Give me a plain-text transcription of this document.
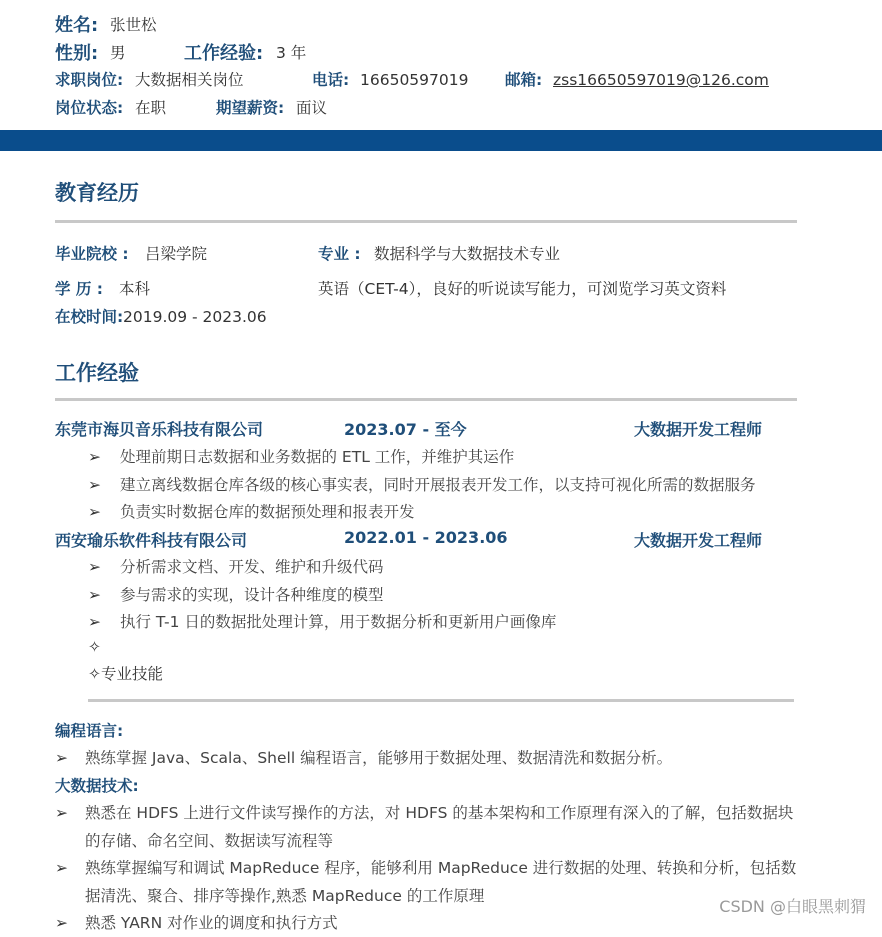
姓名: 张世松
性别: 男	工作经验: 3 年
求职岗位: 大数据相关岗位	电话: 16650597019 邮箱: zss16650597019@126.com
岗位状态: 在职	期望薪资: 面议
教育经历
毕业院校 : 吕梁学院	专业 : 数据科学与大数据技术专业
学 历 : 本科	英语（CET-4），良好的听说读写能力，可浏览学习英文资料
在校时间: 2019.09 - 2023.06
工作经验
东莞市海贝音乐科技有限公司	2023.07 - 至今	大数据开发工程师
➢ 处理前期日志数据和业务数据的 ETL 工作，并维护其运作
➢ 建立离线数据仓库各级的核心事实表，同时开展报表开发工作，以支持可视化所需的数据服务
➢ 负责实时数据仓库的数据预处理和报表开发
西安瑜乐软件科技有限公司	2022.01 - 2023.06	大数据开发工程师
➢ 分析需求文档、开发、维护和升级代码
➢ 参与需求的实现，设计各种维度的模型
➢ 执行 T-1 日的数据批处理计算，用于数据分析和更新用户画像库
✧
✧专业技能
编程语言:
➢ 熟练掌握 Java、Scala、Shell 编程语言，能够用于数据处理、数据清洗和数据分析。
大数据技术:
➢ 熟悉在 HDFS 上进行文件读写操作的方法，对 HDFS 的基本架构和工作原理有深入的了解，包括数据块的存储、命名空间、数据读写流程等
➢ 熟练掌握编写和调试 MapReduce 程序，能够利用 MapReduce 进行数据的处理、转换和分析，包括数据清洗、聚合、排序等操作,熟悉 MapReduce 的工作原理
➢ 熟悉 YARN 对作业的调度和执行方式
CSDN @白眼黑刺猬
